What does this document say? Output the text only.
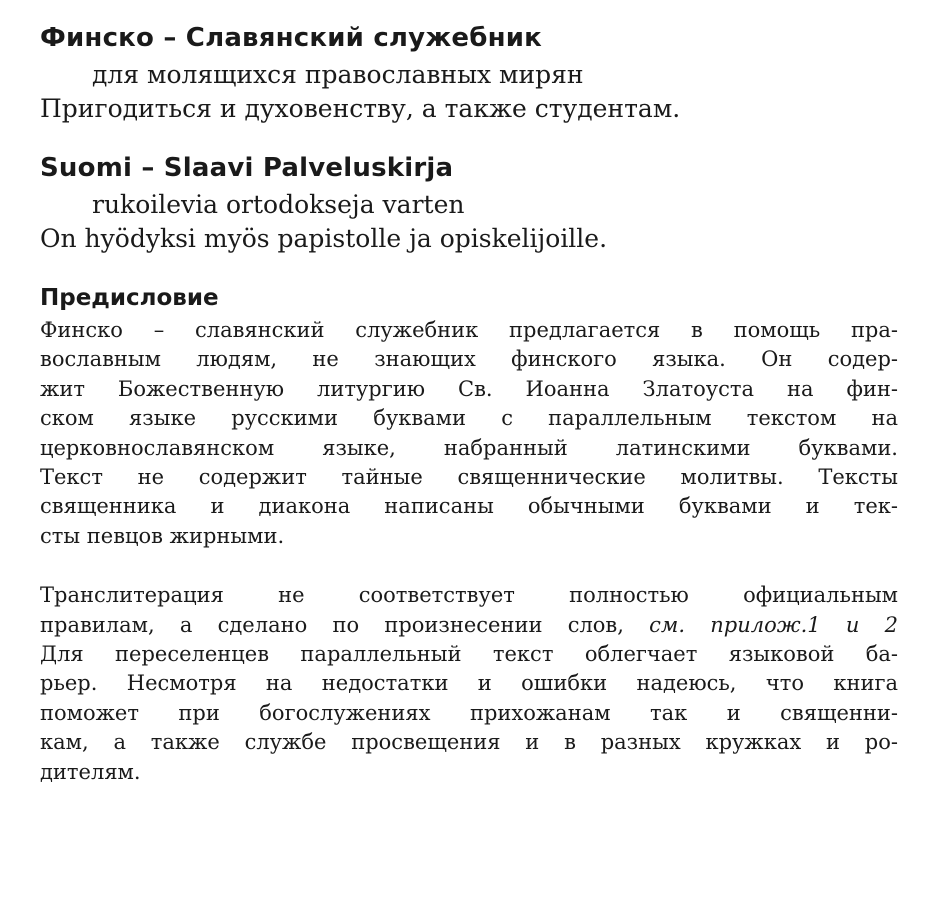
Финско – Славянский служебник

для молящихся православных мирян

Пригодиться и духовенству, а также студентам.

Suomi – Slaavi Palveluskirja

rukoilevia ortodokseja varten

On hyödyksi myös papistolle ja opiskelijoille.

Предисловие
Финско – славянский служебник предлагается в помощь пра-
вославным людям, не знающих финского языка. Он содер-
жит Божественную литургию Св. Иоанна Златоуста на фин-
ском языке русскими буквами с параллельным текстом на
церковнославянском языке, набранный латинскими буквами.
Текст не содержит тайные священнические молитвы. Тексты
священника и диакона написаны обычными буквами и тек-
сты певцов жирными.
Транслитерация не соответствует полностью официальным
правилам, а сделано по произнесении слов, см. прилож.1 и 2
Для переселенцев параллельный текст облегчает языковой ба-
рьер. Несмотря на недостатки и ошибки надеюсь, что книга
поможет при богослужениях прихожанам так и священни-
кам, а также службе просвещения и в разных кружках и ро-
дителям.
